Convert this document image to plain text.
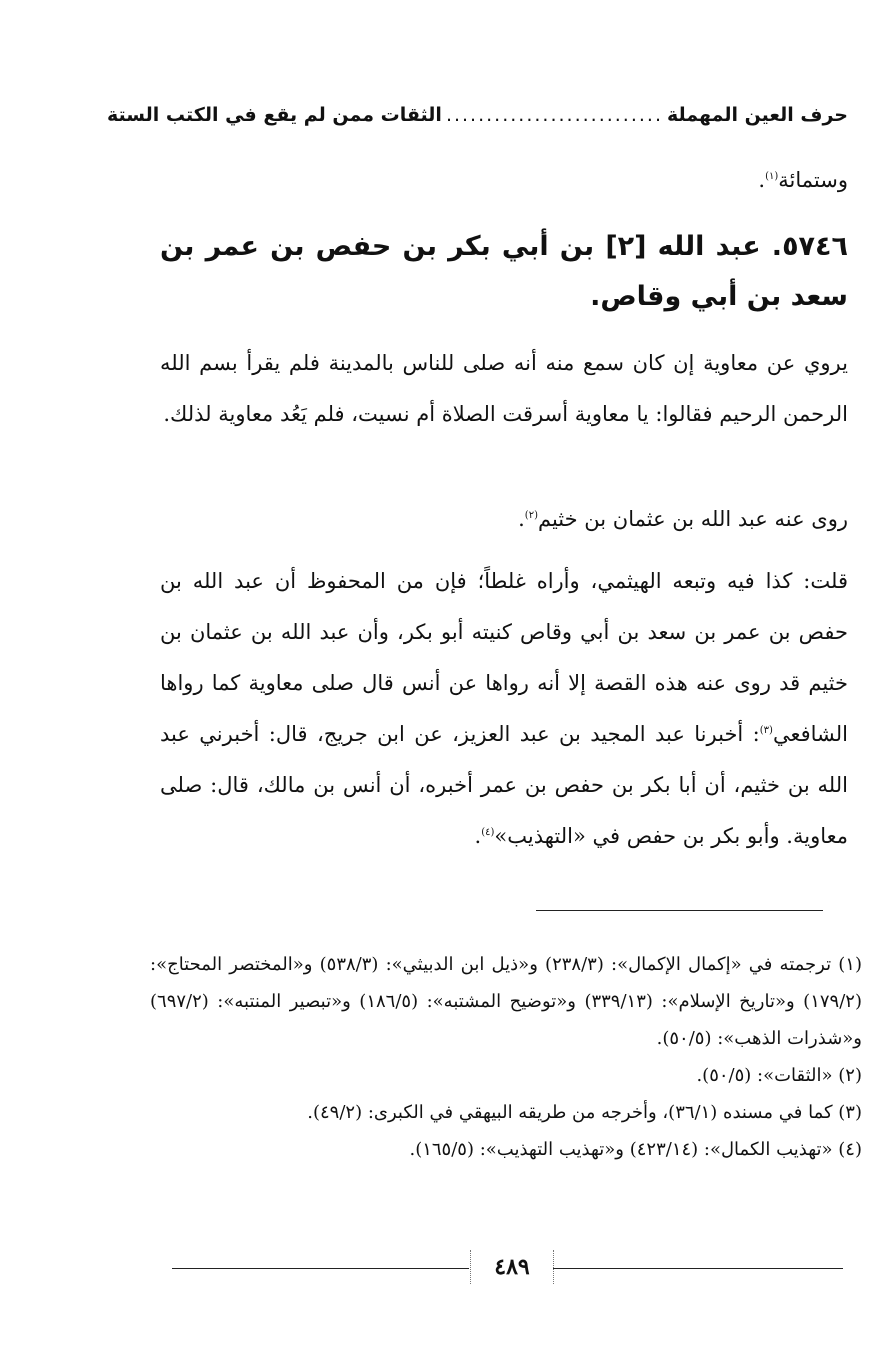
حرف العين المهملة
...........................
الثقات ممن لم يقع في الكتب الستة
وستمائة$^{(١)}$.
٥٧٤٦. عبد الله [٢] بن أبي بكر بن حفص بن عمر بن سعد بن أبي وقاص.
يروي عن معاوية إن كان سمع منه أنه صلى للناس بالمدينة فلم يقرأ بسم الله الرحمن الرحيم فقالوا: يا معاوية أسرقت الصلاة أم نسيت، فلم يَعُد معاوية لذلك.
روى عنه عبد الله بن عثمان بن خثيم$^{(٢)}$.
قلت: كذا فيه وتبعه الهيثمي، وأراه غلطاً؛ فإن من المحفوظ أن عبد الله بن حفص بن عمر بن سعد بن أبي وقاص كنيته أبو بكر، وأن عبد الله بن عثمان بن خثيم قد روى عنه هذه القصة إلا أنه رواها عن أنس قال صلى معاوية كما رواها الشافعي$^{(٣)}$: أخبرنا عبد المجيد بن عبد العزيز، عن ابن جريج، قال: أخبرني عبد الله بن خثيم، أن أبا بكر بن حفص بن عمر أخبره، أن أنس بن مالك، قال: صلى معاوية. وأبو بكر بن حفص في «التهذيب»$^{(٤)}$.
(١) ترجمته في «إكمال الإكمال»: (٢٣٨/٣) و«ذيل ابن الدبيثي»: (٥٣٨/٣) و«المختصر المحتاج»: (١٧٩/٢) و«تاريخ الإسلام»: (٣٣٩/١٣) و«توضيح المشتبه»: (١٨٦/٥) و«تبصير المنتبه»: (٦٩٧/٢) و«شذرات الذهب»: (٥٠/٥).
(٢) «الثقات»: (٥٠/٥).
(٣) كما في مسنده (٣٦/١)، وأخرجه من طريقه البيهقي في الكبرى: (٤٩/٢).
(٤) «تهذيب الكمال»: (٤٢٣/١٤) و«تهذيب التهذيب»: (١٦٥/٥).
٤٨٩
